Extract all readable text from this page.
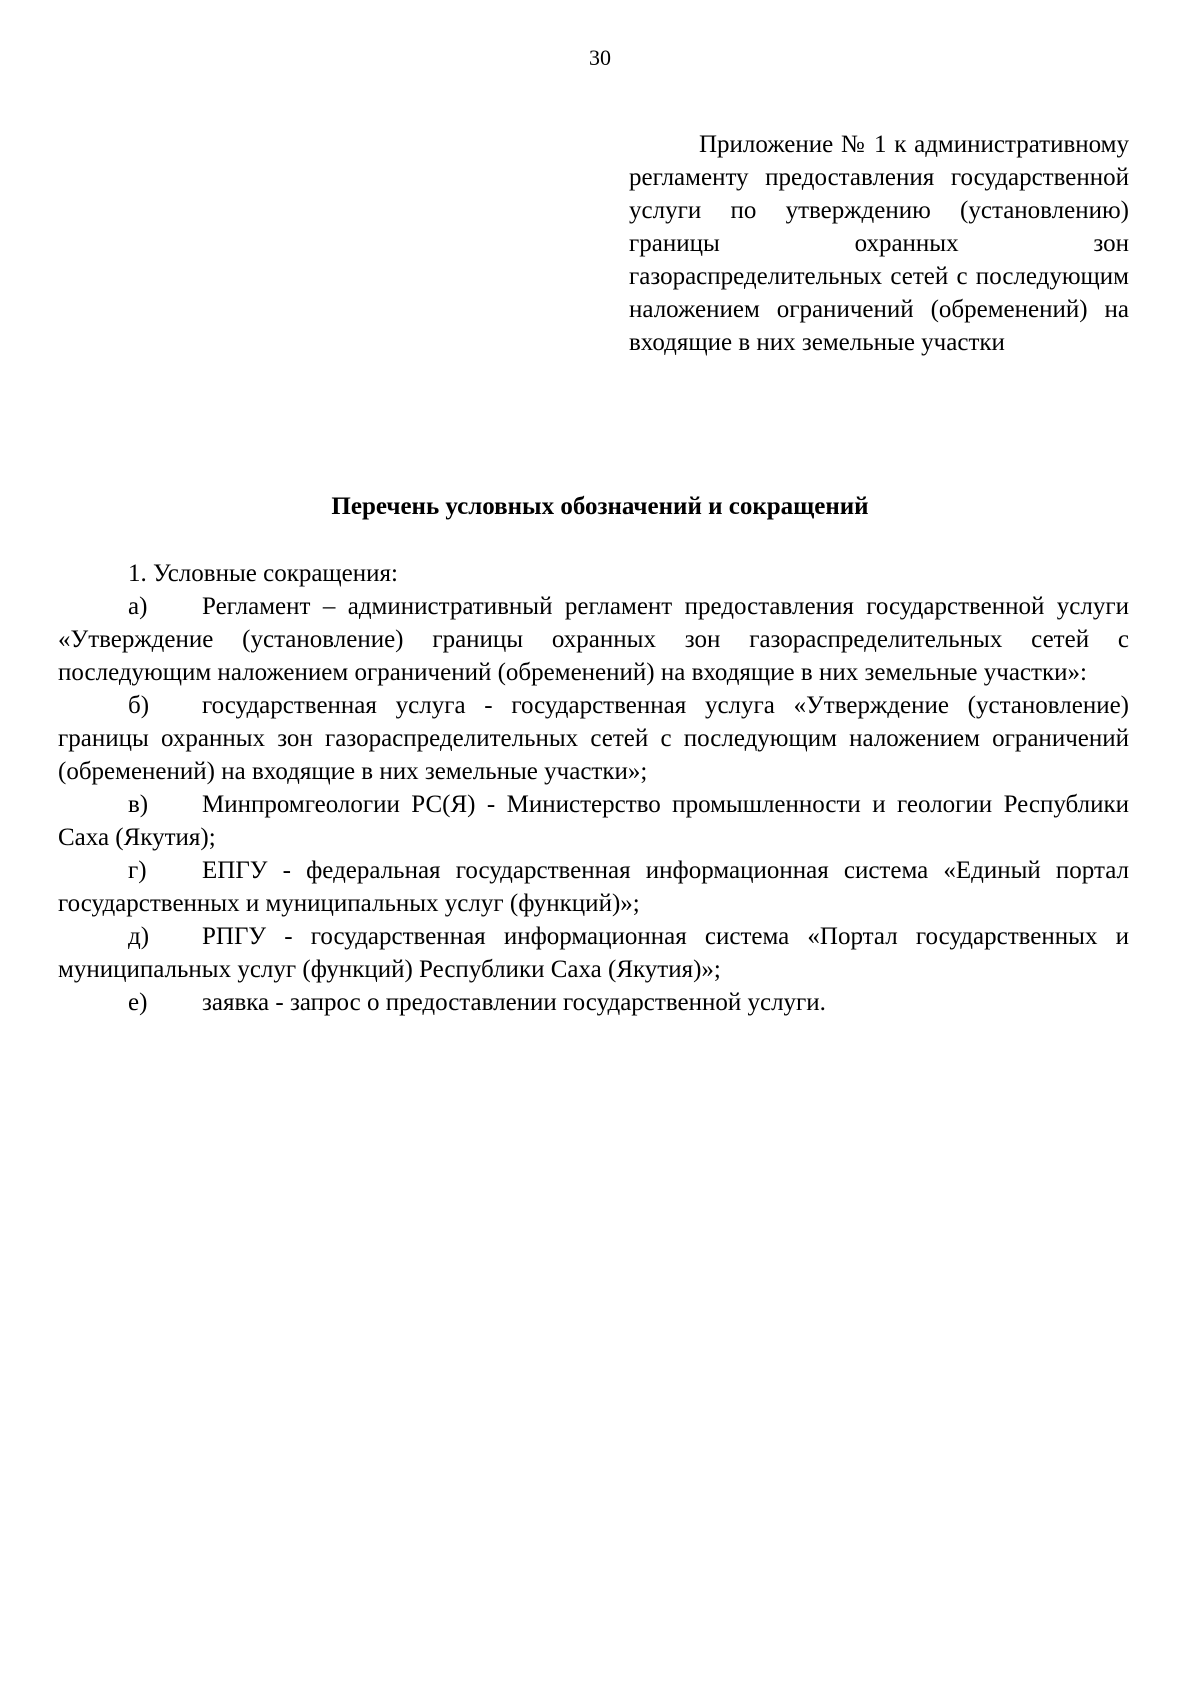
30

Приложение № 1 к административному регламенту предоставления государственной услуги по утверждению (установлению) границы охранных зон газораспределительных сетей с последующим наложением ограничений (обременений) на входящие в них земельные участки

Перечень условных обозначений и сокращений

1. Условные сокращения:

а) Регламент – административный регламент предоставления государственной услуги «Утверждение (установление) границы охранных зон газораспределительных сетей с последующим наложением ограничений (обременений) на входящие в них земельные участки»:

б) государственная услуга - государственная услуга «Утверждение (установление) границы охранных зон газораспределительных сетей с последующим наложением ограничений (обременений) на входящие в них земельные участки»;

в) Минпромгеологии РС(Я) - Министерство промышленности и геологии Республики Саха (Якутия);

г) ЕПГУ - федеральная государственная информационная система «Единый портал государственных и муниципальных услуг (функций)»;

д) РПГУ - государственная информационная система «Портал государственных и муниципальных услуг (функций) Республики Саха (Якутия)»;

е) заявка - запрос о предоставлении государственной услуги.
